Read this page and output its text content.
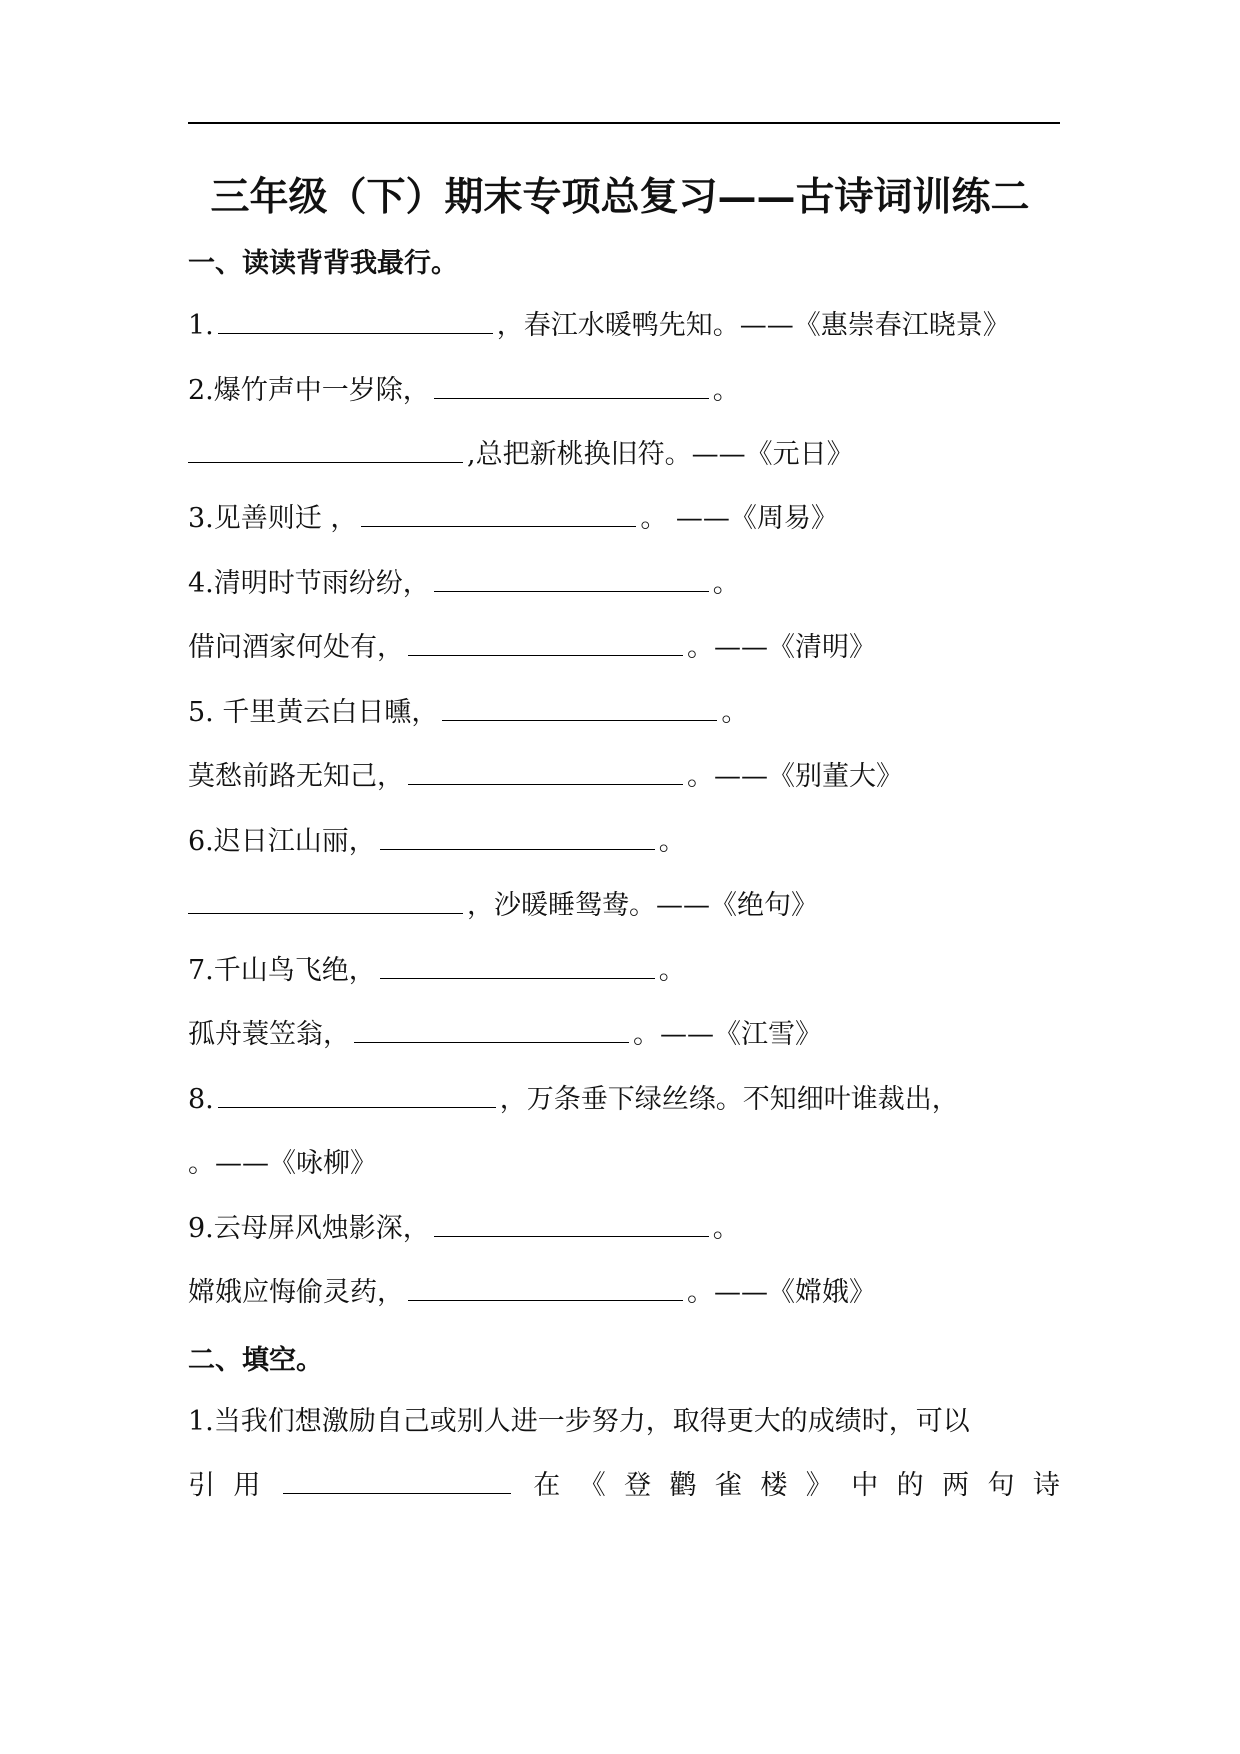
三年级（下）期末专项总复习——古诗词训练二
一、读读背背我最行。
1.	，春江水暖鸭先知。——《惠崇春江晓景》
2.爆竹声中一岁除，	。
,总把新桃换旧符。——《元日》
3.见善则迁 ，	。 ——《周易》
4.清明时节雨纷纷，	。
借问酒家何处有，	。——《清明》
5. 千里黄云白日曛，	。
莫愁前路无知己，	。——《别董大》
6.迟日江山丽，	。
，沙暖睡鸳鸯。——《绝句》
7.千山鸟飞绝，	。
孤舟蓑笠翁，	。——《江雪》
8.	，万条垂下绿丝绦。不知细叶谁裁出，
。——《咏柳》
9.云母屏风烛影深，	。
嫦娥应悔偷灵药，	。——《嫦娥》
二、填空。
1.当我们想激励自己或别人进一步努力，取得更大的成绩时，可以
引 用	在 《 登 鹳 雀 楼 》 中 的 两 句 诗
